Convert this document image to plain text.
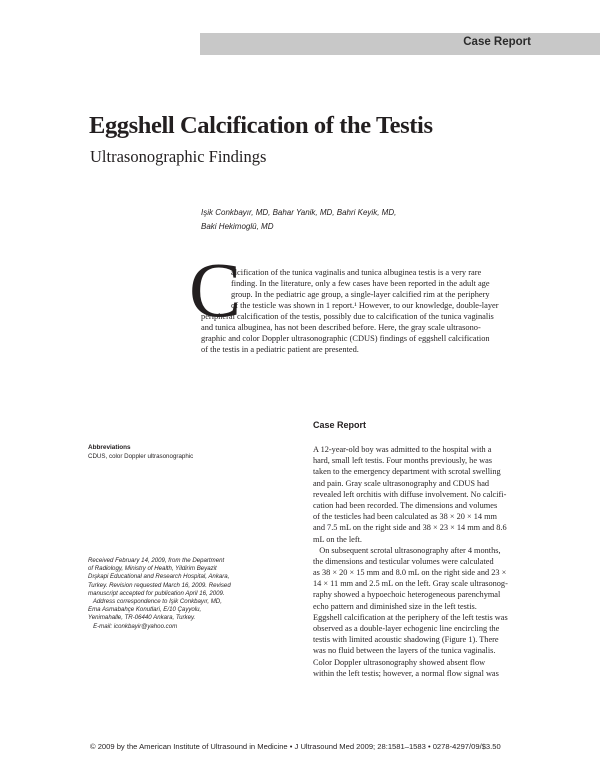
Case Report
Eggshell Calcification of the Testis
Ultrasonographic Findings
Işik Conkbayır, MD, Bahar Yanik, MD, Bahri Keyik, MD,
Baki Hekimoglü, MD
C
alcification of the tunica vaginalis and tunica albuginea testis is a very rare
finding. In the literature, only a few cases have been reported in the adult age
group. In the pediatric age group, a single-layer calcified rim at the periphery
of the testicle was shown in 1 report.¹ However, to our knowledge, double-layer
peripheral calcification of the testis, possibly due to calcification of the tunica vaginalis
and tunica albuginea, has not been described before. Here, the gray scale ultrasono-
graphic and color Doppler ultrasonographic (CDUS) findings of eggshell calcification
of the testis in a pediatric patient are presented.
Case Report
Abbreviations
CDUS, color Doppler ultrasonographic
A 12-year-old boy was admitted to the hospital with a
hard, small left testis. Four months previously, he was
taken to the emergency department with scrotal swelling
and pain. Gray scale ultrasonography and CDUS had
revealed left orchitis with diffuse involvement. No calcifi-
cation had been recorded. The dimensions and volumes
of the testicles had been calculated as 38 × 20 × 14 mm
and 7.5 mL on the right side and 38 × 23 × 14 mm and 8.6
mL on the left.
On subsequent scrotal ultrasonography after 4 months,
the dimensions and testicular volumes were calculated
as 38 × 20 × 15 mm and 8.0 mL on the right side and 23 ×
14 × 11 mm and 2.5 mL on the left. Gray scale ultrasonog-
raphy showed a hypoechoic heterogeneous parenchymal
echo pattern and diminished size in the left testis.
Eggshell calcification at the periphery of the left testis was
observed as a double-layer echogenic line encircling the
testis with limited acoustic shadowing (Figure 1). There
was no fluid between the layers of the tunica vaginalis.
Color Doppler ultrasonography showed absent flow
within the left testis; however, a normal flow signal was
Received February 14, 2009, from the Department
of Radiology, Ministry of Health, Yildirim Beyazit
Dışkapi Educational and Research Hospital, Ankara,
Turkey. Revision requested March 16, 2009. Revised
manuscript accepted for publication April 16, 2009.
Address correspondence to Işik Conkbayır, MD,
Ema Asmabahçe Konutlari, E/10 Çayyolu,
Yenimahalle, TR-06440 Ankara, Turkey.
E-mail: iconkbayir@yahoo.com
© 2009 by the American Institute of Ultrasound in Medicine • J Ultrasound Med 2009; 28:1581–1583 • 0278-4297/09/$3.50
